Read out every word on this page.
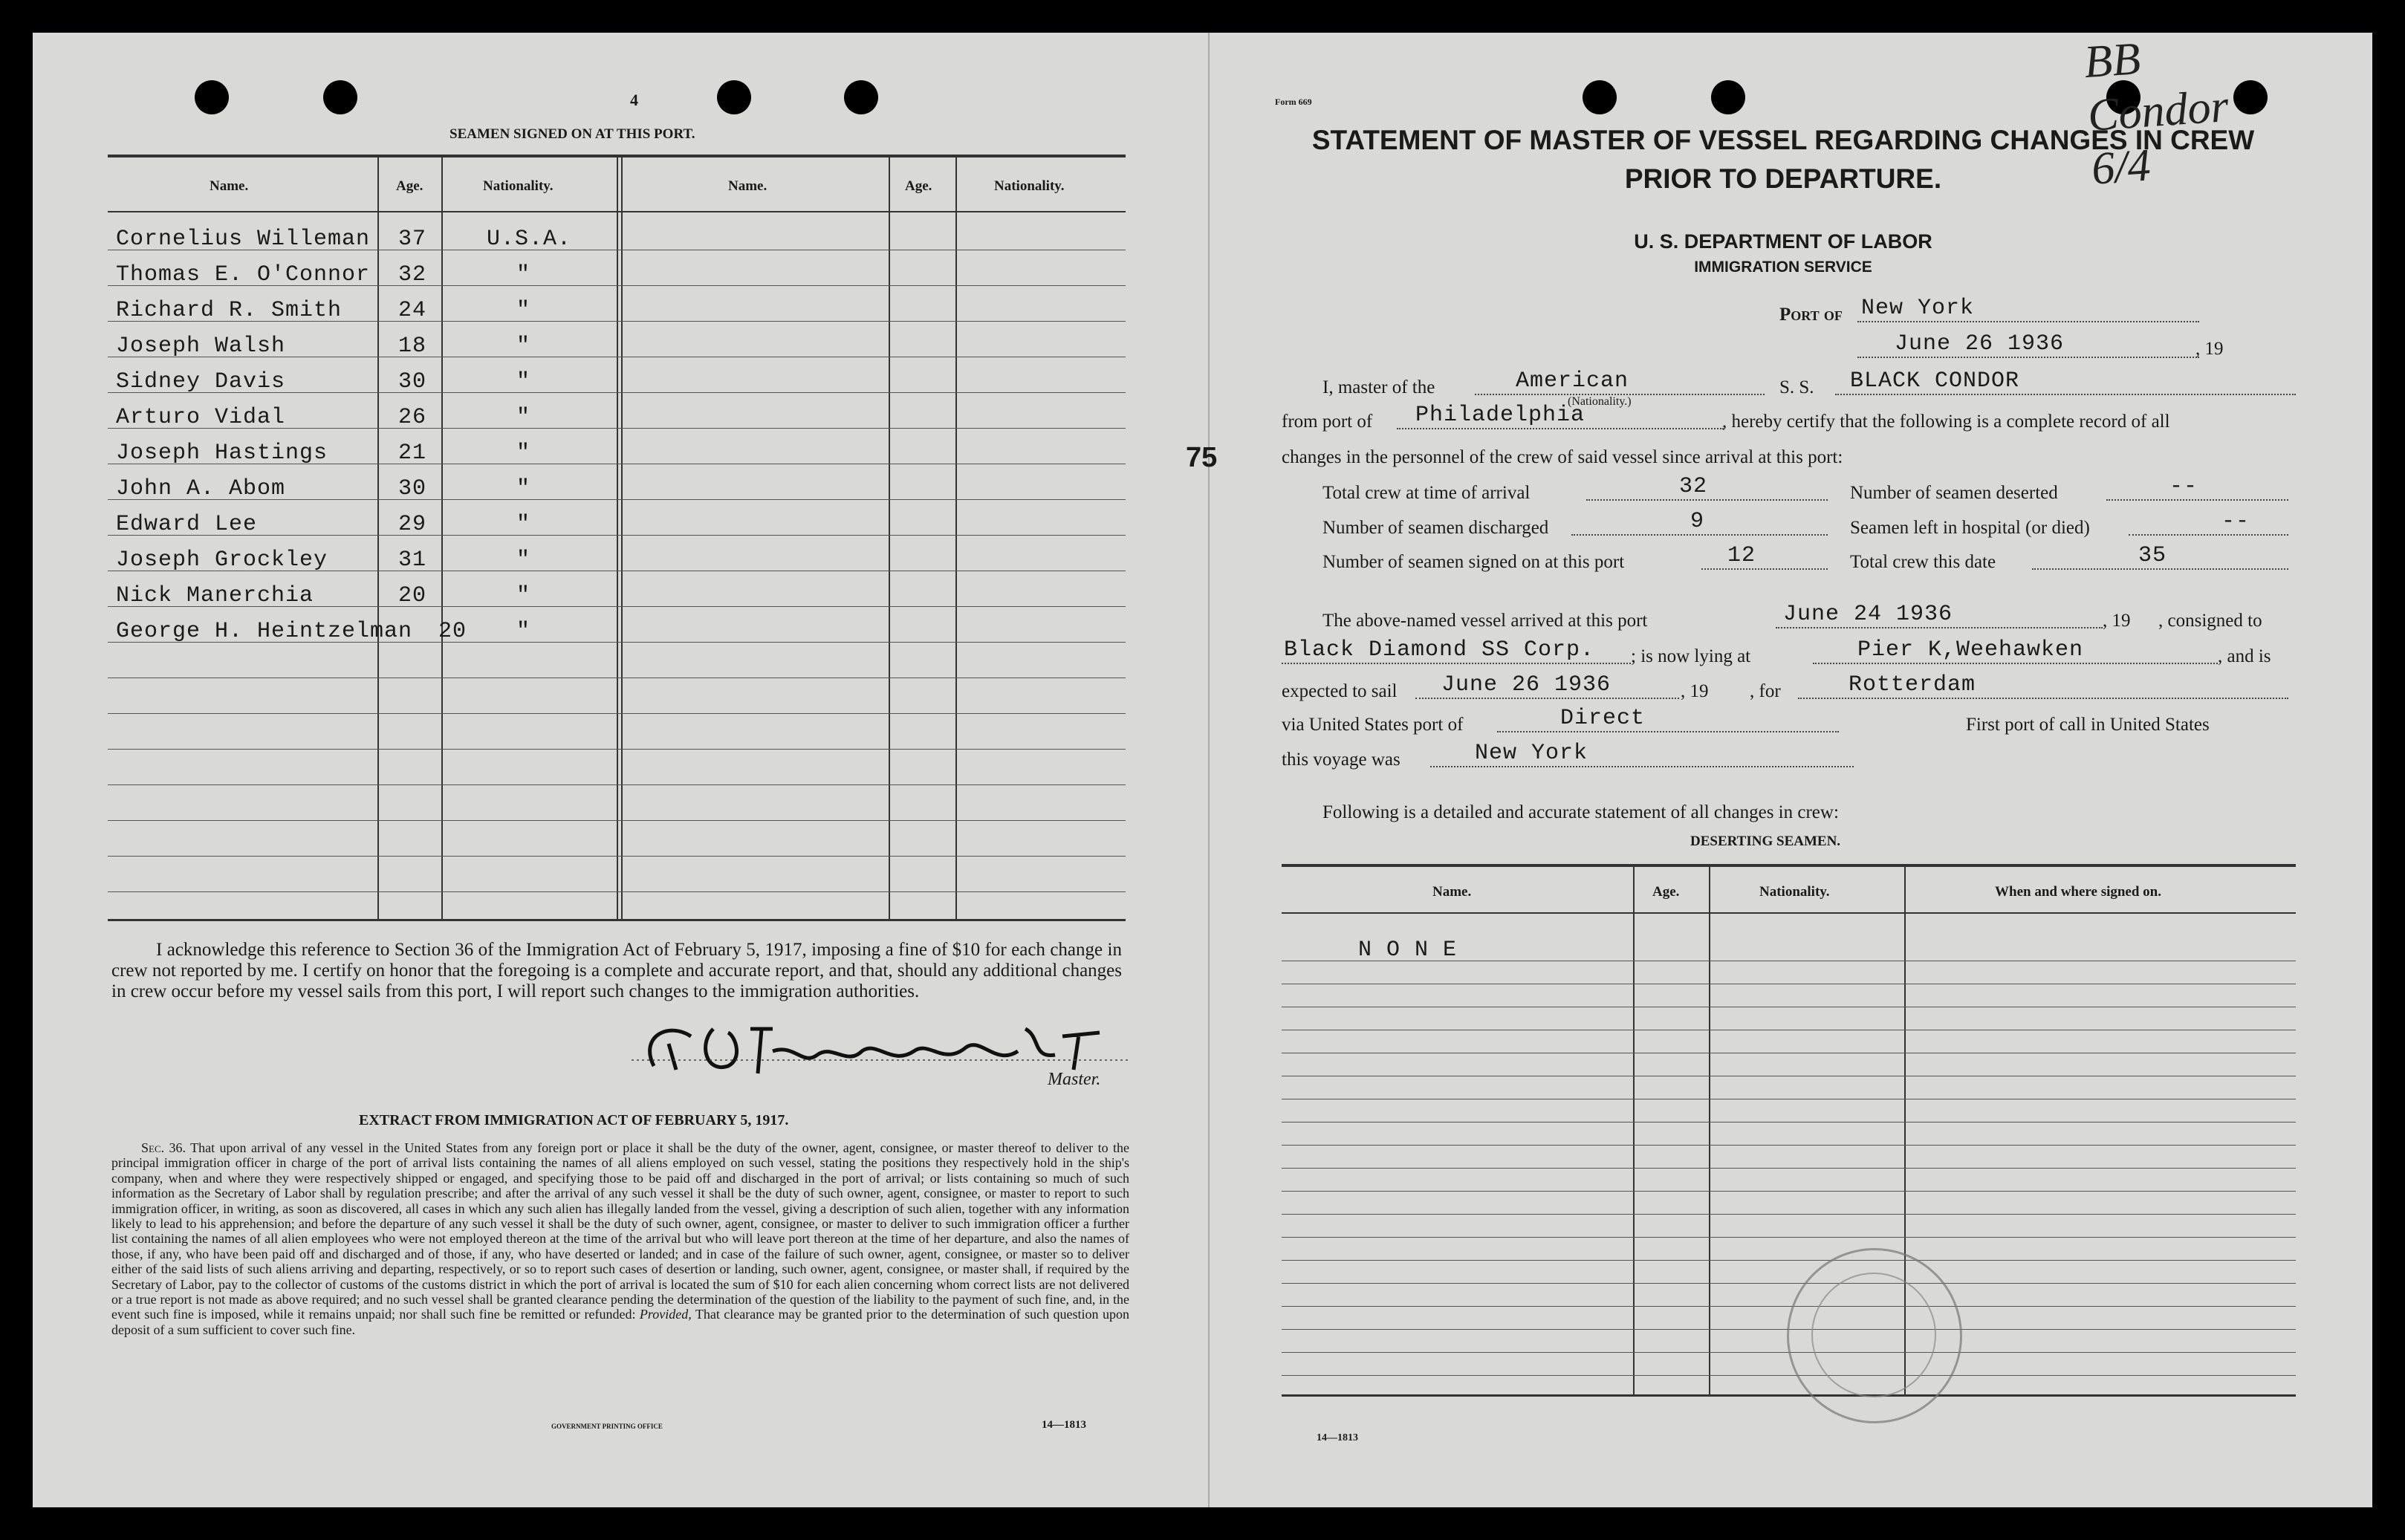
4
SEAMEN SIGNED ON AT THIS PORT.
Name.	Age.	Nationality.	Name.	Age.	Nationality.
Cornelius Willeman 37	U.S.A.
Thomas E. O'Connor 32	"
Richard R. Smith	24	"
Joseph Walsh	18	"
Sidney Davis	30	"
Arturo Vidal	26	"
Joseph Hastings	21	"
John A. Abom	30	"
Edward Lee	29	"
Joseph Grockley	31	"
Nick Manerchia	20	"
George H. Heintzelman 20 "
I acknowledge this reference to Section 36 of the Immigration Act of February 5, 1917, imposing a fine of $10 for each change in crew not reported by me. I certify on honor that the foregoing is a complete and accurate report, and that, should any additional changes in crew occur before my vessel sails from this port, I will report such changes to the immigration authorities.
Master.
EXTRACT FROM IMMIGRATION ACT OF FEBRUARY 5, 1917.
Sec. 36. That upon arrival of any vessel in the United States from any foreign port or place it shall be the duty of the owner, agent, consignee, or master thereof to deliver to the principal immigration officer in charge of the port of arrival lists containing the names of all aliens employed on such vessel, stating the positions they respectively hold in the ship's company, when and where they were respectively shipped or engaged, and specifying those to be paid off and discharged in the port of arrival; or lists containing so much of such information as the Secretary of Labor shall by regulation prescribe; and after the arrival of any such vessel it shall be the duty of such owner, agent, consignee, or master to report to such immigration officer, in writing, as soon as discovered, all cases in which any such alien has illegally landed from the vessel, giving a description of such alien, together with any information likely to lead to his apprehension; and before the departure of any such vessel it shall be the duty of such owner, agent, consignee, or master to deliver to such immigration officer a further list containing the names of all alien employees who were not employed thereon at the time of the arrival but who will leave port thereon at the time of her departure, and also the names of those, if any, who have been paid off and discharged and of those, if any, who have deserted or landed; and in case of the failure of such owner, agent, consignee, or master so to deliver either of the said lists of such aliens arriving and departing, respectively, or so to report such cases of desertion or landing, such owner, agent, consignee, or master shall, if required by the Secretary of Labor, pay to the collector of customs of the customs district in which the port of arrival is located the sum of $10 for each alien concerning whom correct lists are not delivered or a true report is not made as above required; and no such vessel shall be granted clearance pending the determination of the question of the liability to the payment of such fine, and, in the event such fine is imposed, while it remains unpaid; nor shall such fine be remitted or refunded: Provided, That clearance may be granted prior to the determination of such question upon deposit of a sum sufficient to cover such fine.
GOVERNMENT PRINTING OFFICE	14—1813
75
Form 669
BB Condor 6/4
STATEMENT OF MASTER OF VESSEL REGARDING CHANGES IN CREW
PRIOR TO DEPARTURE.
U. S. DEPARTMENT OF LABOR
IMMIGRATION SERVICE
Port of New York
June 26 1936	, 19
I, master of the	American
(Nationality.)
S. S. BLACK CONDOR
from port of Philadelphia	, hereby certify that the following is a complete record of all
changes in the personnel of the crew of said vessel since arrival at this port:
Total crew at time of arrival	32	Number of seamen deserted	--
Number of seamen discharged	9	Seamen left in hospital (or died)	--
Number of seamen signed on at this port	12	Total crew this date	35
The above-named vessel arrived at this port	June 24 1936	, 19 , consigned to
Black Diamond SS Corp. ; is now lying at	Pier K,Weehawken	, and is
expected to sail June 26 1936	, 19 , for	Rotterdam
via United States port of	Direct	First port of call in United States
this voyage was	New York
Following is a detailed and accurate statement of all changes in crew:
DESERTING SEAMEN.
Name.	Age.	Nationality.	When and where signed on.
N O N E
14—1813
